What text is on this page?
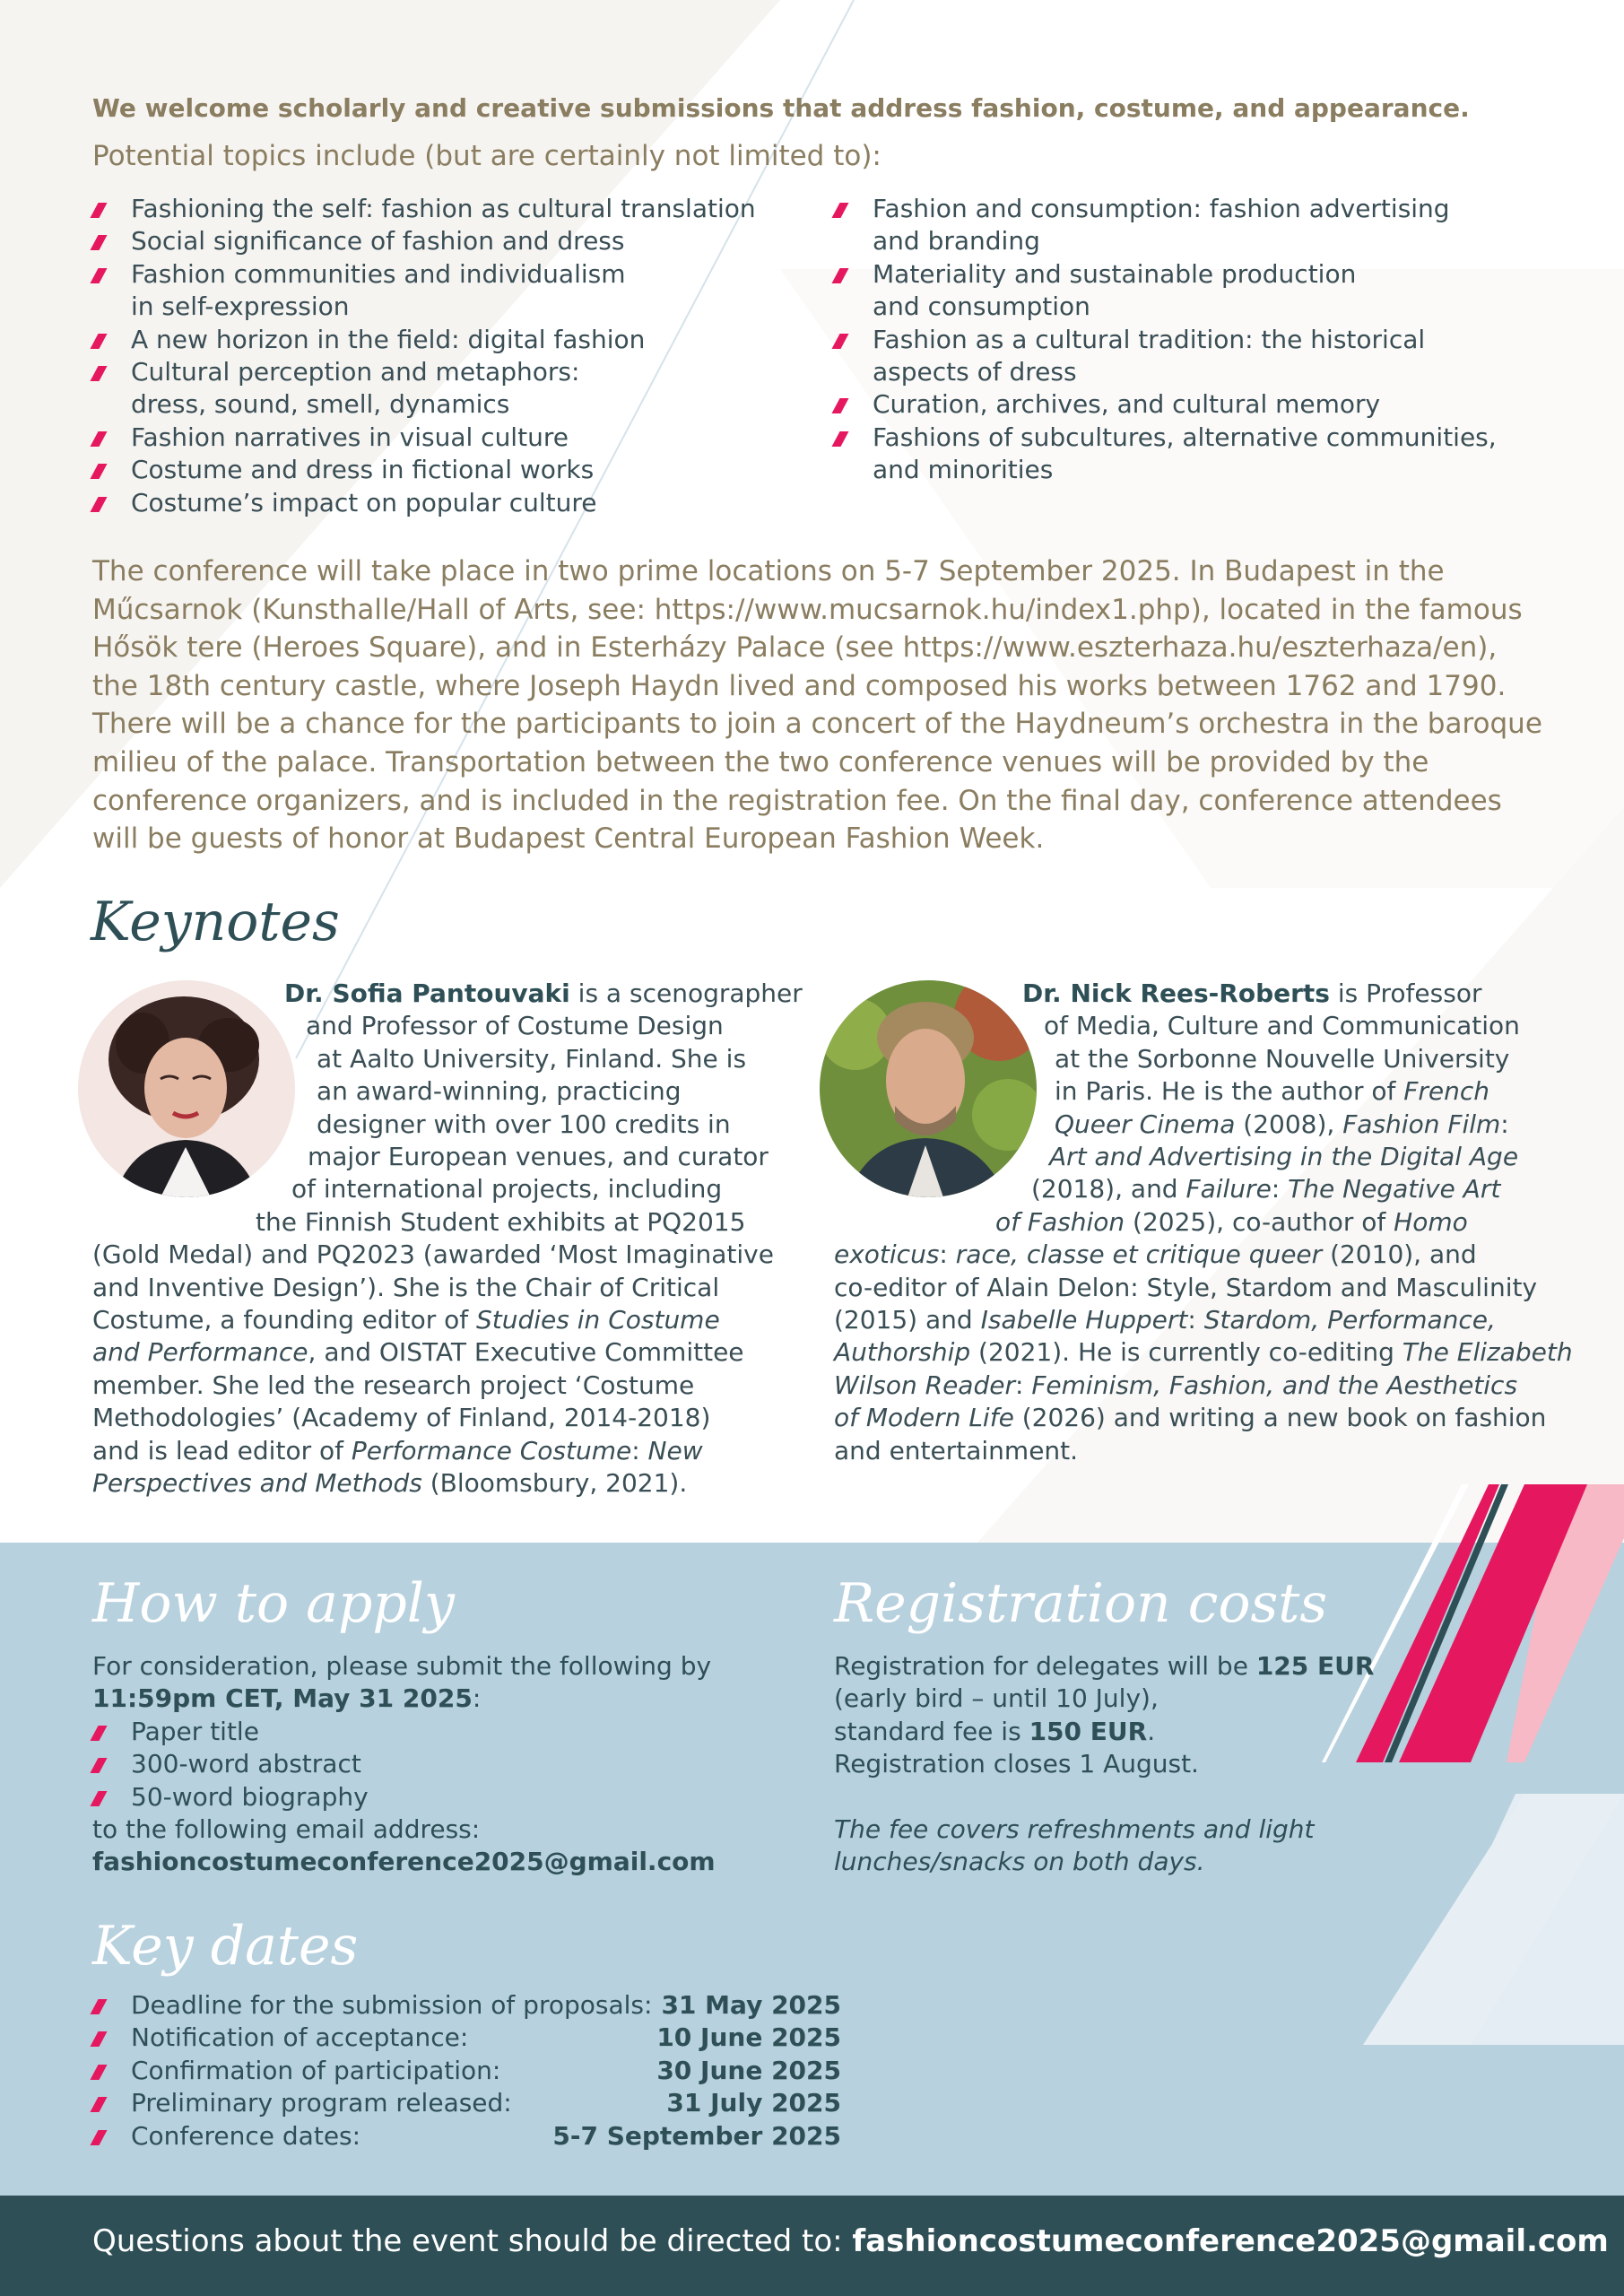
We welcome scholarly and creative submissions that address fashion, costume, and appearance.
Potential topics include (but are certainly not limited to):
Fashioning the self: fashion as cultural translation
Social significance of fashion and dress
Fashion communities and individualism in self-expression
A new horizon in the field: digital fashion
Cultural perception and metaphors: dress, sound, smell, dynamics
Fashion narratives in visual culture
Costume and dress in fictional works
Costume’s impact on popular culture
Fashion and consumption: fashion advertising and branding
Materiality and sustainable production and consumption
Fashion as a cultural tradition: the historical aspects of dress
Curation, archives, and cultural memory
Fashions of subcultures, alternative communities, and minorities

The conference will take place in two prime locations on 5-7 September 2025. In Budapest in the Műcsarnok (Kunsthalle/Hall of Arts, see: https://www.mucsarnok.hu/index1.php), located in the famous Hősök tere (Heroes Square), and in Esterházy Palace (see https://www.eszterhaza.hu/eszterhaza/en), the 18th century castle, where Joseph Haydn lived and composed his works between 1762 and 1790. There will be a chance for the participants to join a concert of the Haydneum’s orchestra in the baroque milieu of the palace. Transportation between the two conference venues will be provided by the conference organizers, and is included in the registration fee. On the final day, conference attendees will be guests of honor at Budapest Central European Fashion Week.

Keynotes
Dr. Sofia Pantouvaki is a scenographer
and Professor of Costume Design
at Aalto University, Finland. She is
an award-winning, practicing
designer with over 100 credits in
major European venues, and curator
of international projects, including
the Finnish Student exhibits at PQ2015
(Gold Medal) and PQ2023 (awarded ‘Most Imaginative
and Inventive Design’). She is the Chair of Critical
Costume, a founding editor of Studies in Costume
and Performance, and OISTAT Executive Committee
member. She led the research project ‘Costume
Methodologies’ (Academy of Finland, 2014-2018)
and is lead editor of Performance Costume: New
Perspectives and Methods (Bloomsbury, 2021).
Dr. Nick Rees-Roberts is Professor
of Media, Culture and Communication
at the Sorbonne Nouvelle University
in Paris. He is the author of French
Queer Cinema (2008), Fashion Film:
Art and Advertising in the Digital Age
(2018), and Failure: The Negative Art
of Fashion (2025), co-author of Homo
exoticus: race, classe et critique queer (2010), and
co-editor of Alain Delon: Style, Stardom and Masculinity
(2015) and Isabelle Huppert: Stardom, Performance,
Authorship (2021). He is currently co-editing The Elizabeth
Wilson Reader: Feminism, Fashion, and the Aesthetics
of Modern Life (2026) and writing a new book on fashion
and entertainment.
How to apply
For consideration, please submit the following by
11:59pm CET, May 31 2025:
Paper title
300-word abstract
50-word biography
to the following email address:
fashioncostumeconference2025@gmail.com
Registration costs
Registration for delegates will be 125 EUR
(early bird – until 10 July),
standard fee is 150 EUR.
Registration closes 1 August.
The fee covers refreshments and light
lunches/snacks on both days.
Key dates
Deadline for the submission of proposals: 31 May 2025
Notification of acceptance:	10 June 2025
Confirmation of participation:	30 June 2025
Preliminary program released:	31 July 2025
Conference dates:	5-7 September 2025
Questions about the event should be directed to: fashioncostumeconference2025@gmail.com
